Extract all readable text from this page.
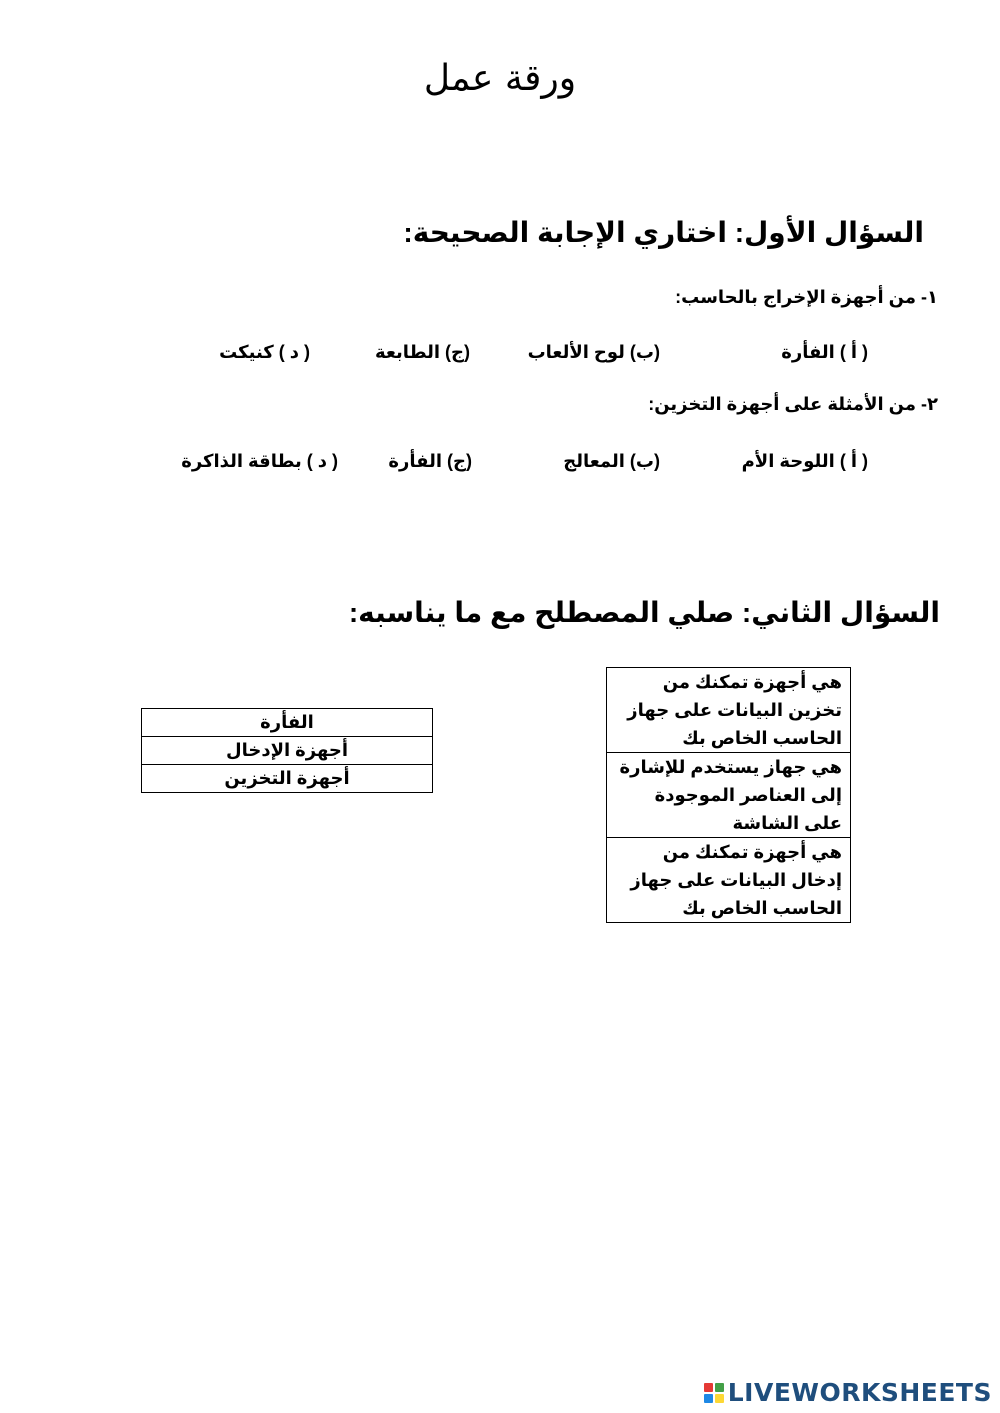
ورقة عمل
السؤال الأول: اختاري الإجابة الصحيحة:
١- من أجهزة الإخراج بالحاسب:
( أ ) الفأرة
(ب) لوح الألعاب
(ج) الطابعة
( د ) كنيكت
٢- من الأمثلة على أجهزة التخزين:
( أ ) اللوحة الأم
(ب) المعالج
(ج) الفأرة
( د ) بطاقة الذاكرة
السؤال الثاني: صلي المصطلح مع ما يناسبه:
الفأرة
أجهزة الإدخال
أجهزة التخزين
هي أجهزة تمكنك من تخزين البيانات على جهاز الحاسب الخاص بك
هي جهاز يستخدم للإشارة إلى العناصر الموجودة على الشاشة
هي أجهزة تمكنك من إدخال البيانات على جهاز الحاسب الخاص بك
LIVEWORKSHEETS
